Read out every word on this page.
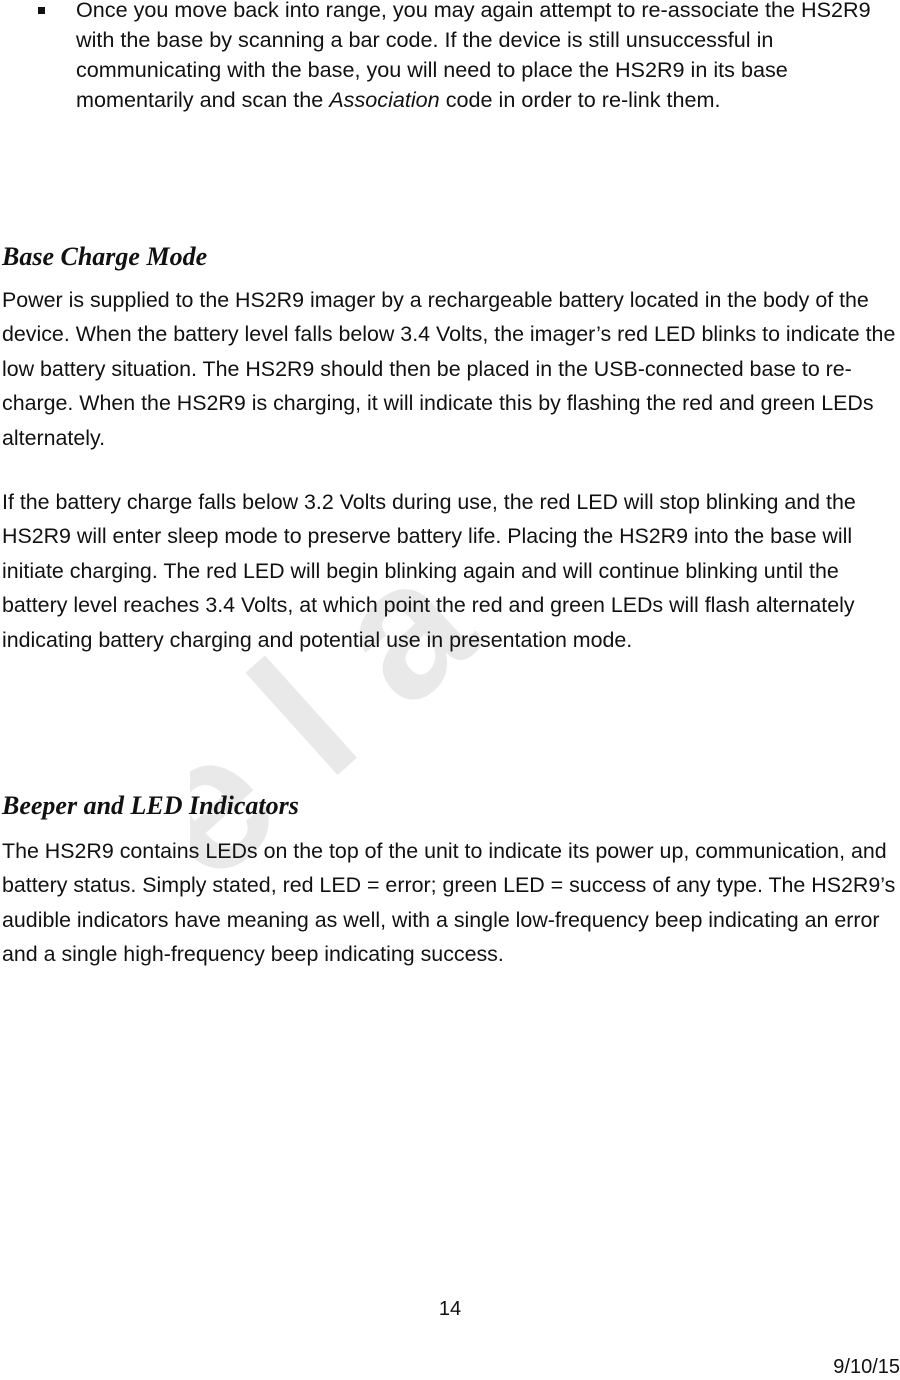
e l a
Once you move back into range, you may again attempt to re-associate the HS2R9 with the base by scanning a bar code. If the device is still unsuccessful in communicating with the base, you will need to place the HS2R9 in its base momentarily and scan the Association code in order to re-link them.
Base Charge Mode

Power is supplied to the HS2R9 imager by a rechargeable battery located in the body of the device. When the battery level falls below 3.4 Volts, the imager’s red LED blinks to indicate the low battery situation. The HS2R9 should then be placed in the USB-connected base to re-charge. When the HS2R9 is charging, it will indicate this by flashing the red and green LEDs alternately.

If the battery charge falls below 3.2 Volts during use, the red LED will stop blinking and the HS2R9 will enter sleep mode to preserve battery life. Placing the HS2R9 into the base will initiate charging. The red LED will begin blinking again and will continue blinking until the battery level reaches 3.4 Volts, at which point the red and green LEDs will flash alternately indicating battery charging and potential use in presentation mode.

Beeper and LED Indicators

The HS2R9 contains LEDs on the top of the unit to indicate its power up, communication, and battery status. Simply stated, red LED = error; green LED = success of any type. The HS2R9’s audible indicators have meaning as well, with a single low-frequency beep indicating an error and a single high-frequency beep indicating success.

14
9/10/15
